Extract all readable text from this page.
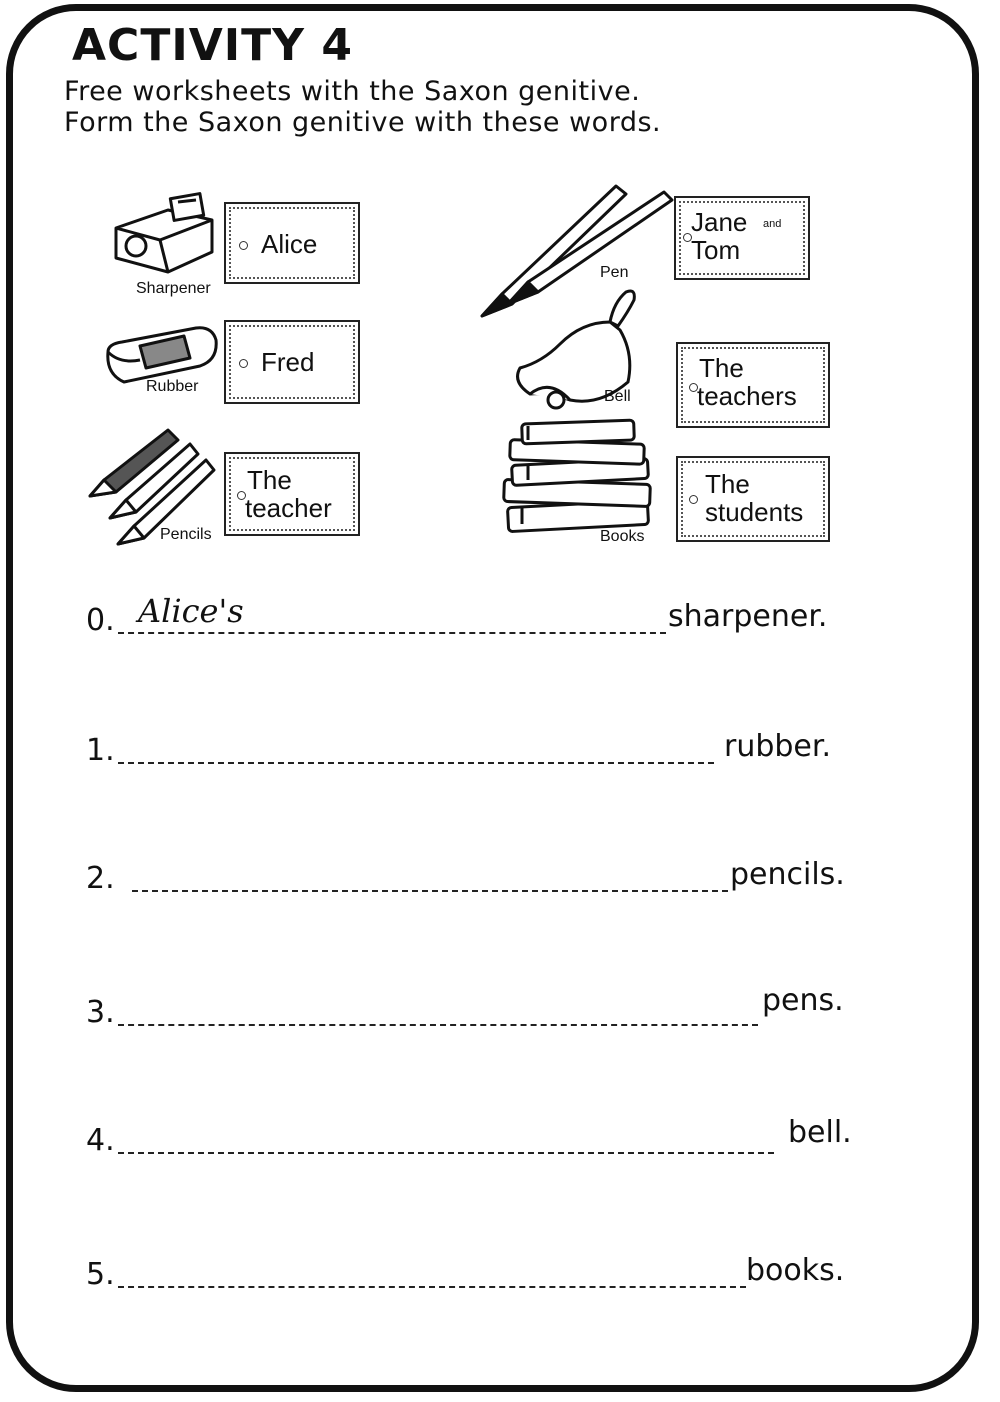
ACTIVITY 4
Free worksheets with the Saxon genitive.
Form the Saxon genitive with these words.
Sharpener
Rubber
Pencils
Pen
Bell
Books
Alice
Fred
The
teacher
Jane and
Tom
The
teachers
The
students
0. Alice's	sharpener.
1.	rubber.
2.	pencils.
3.	pens.
4.	bell.
5.	books.
